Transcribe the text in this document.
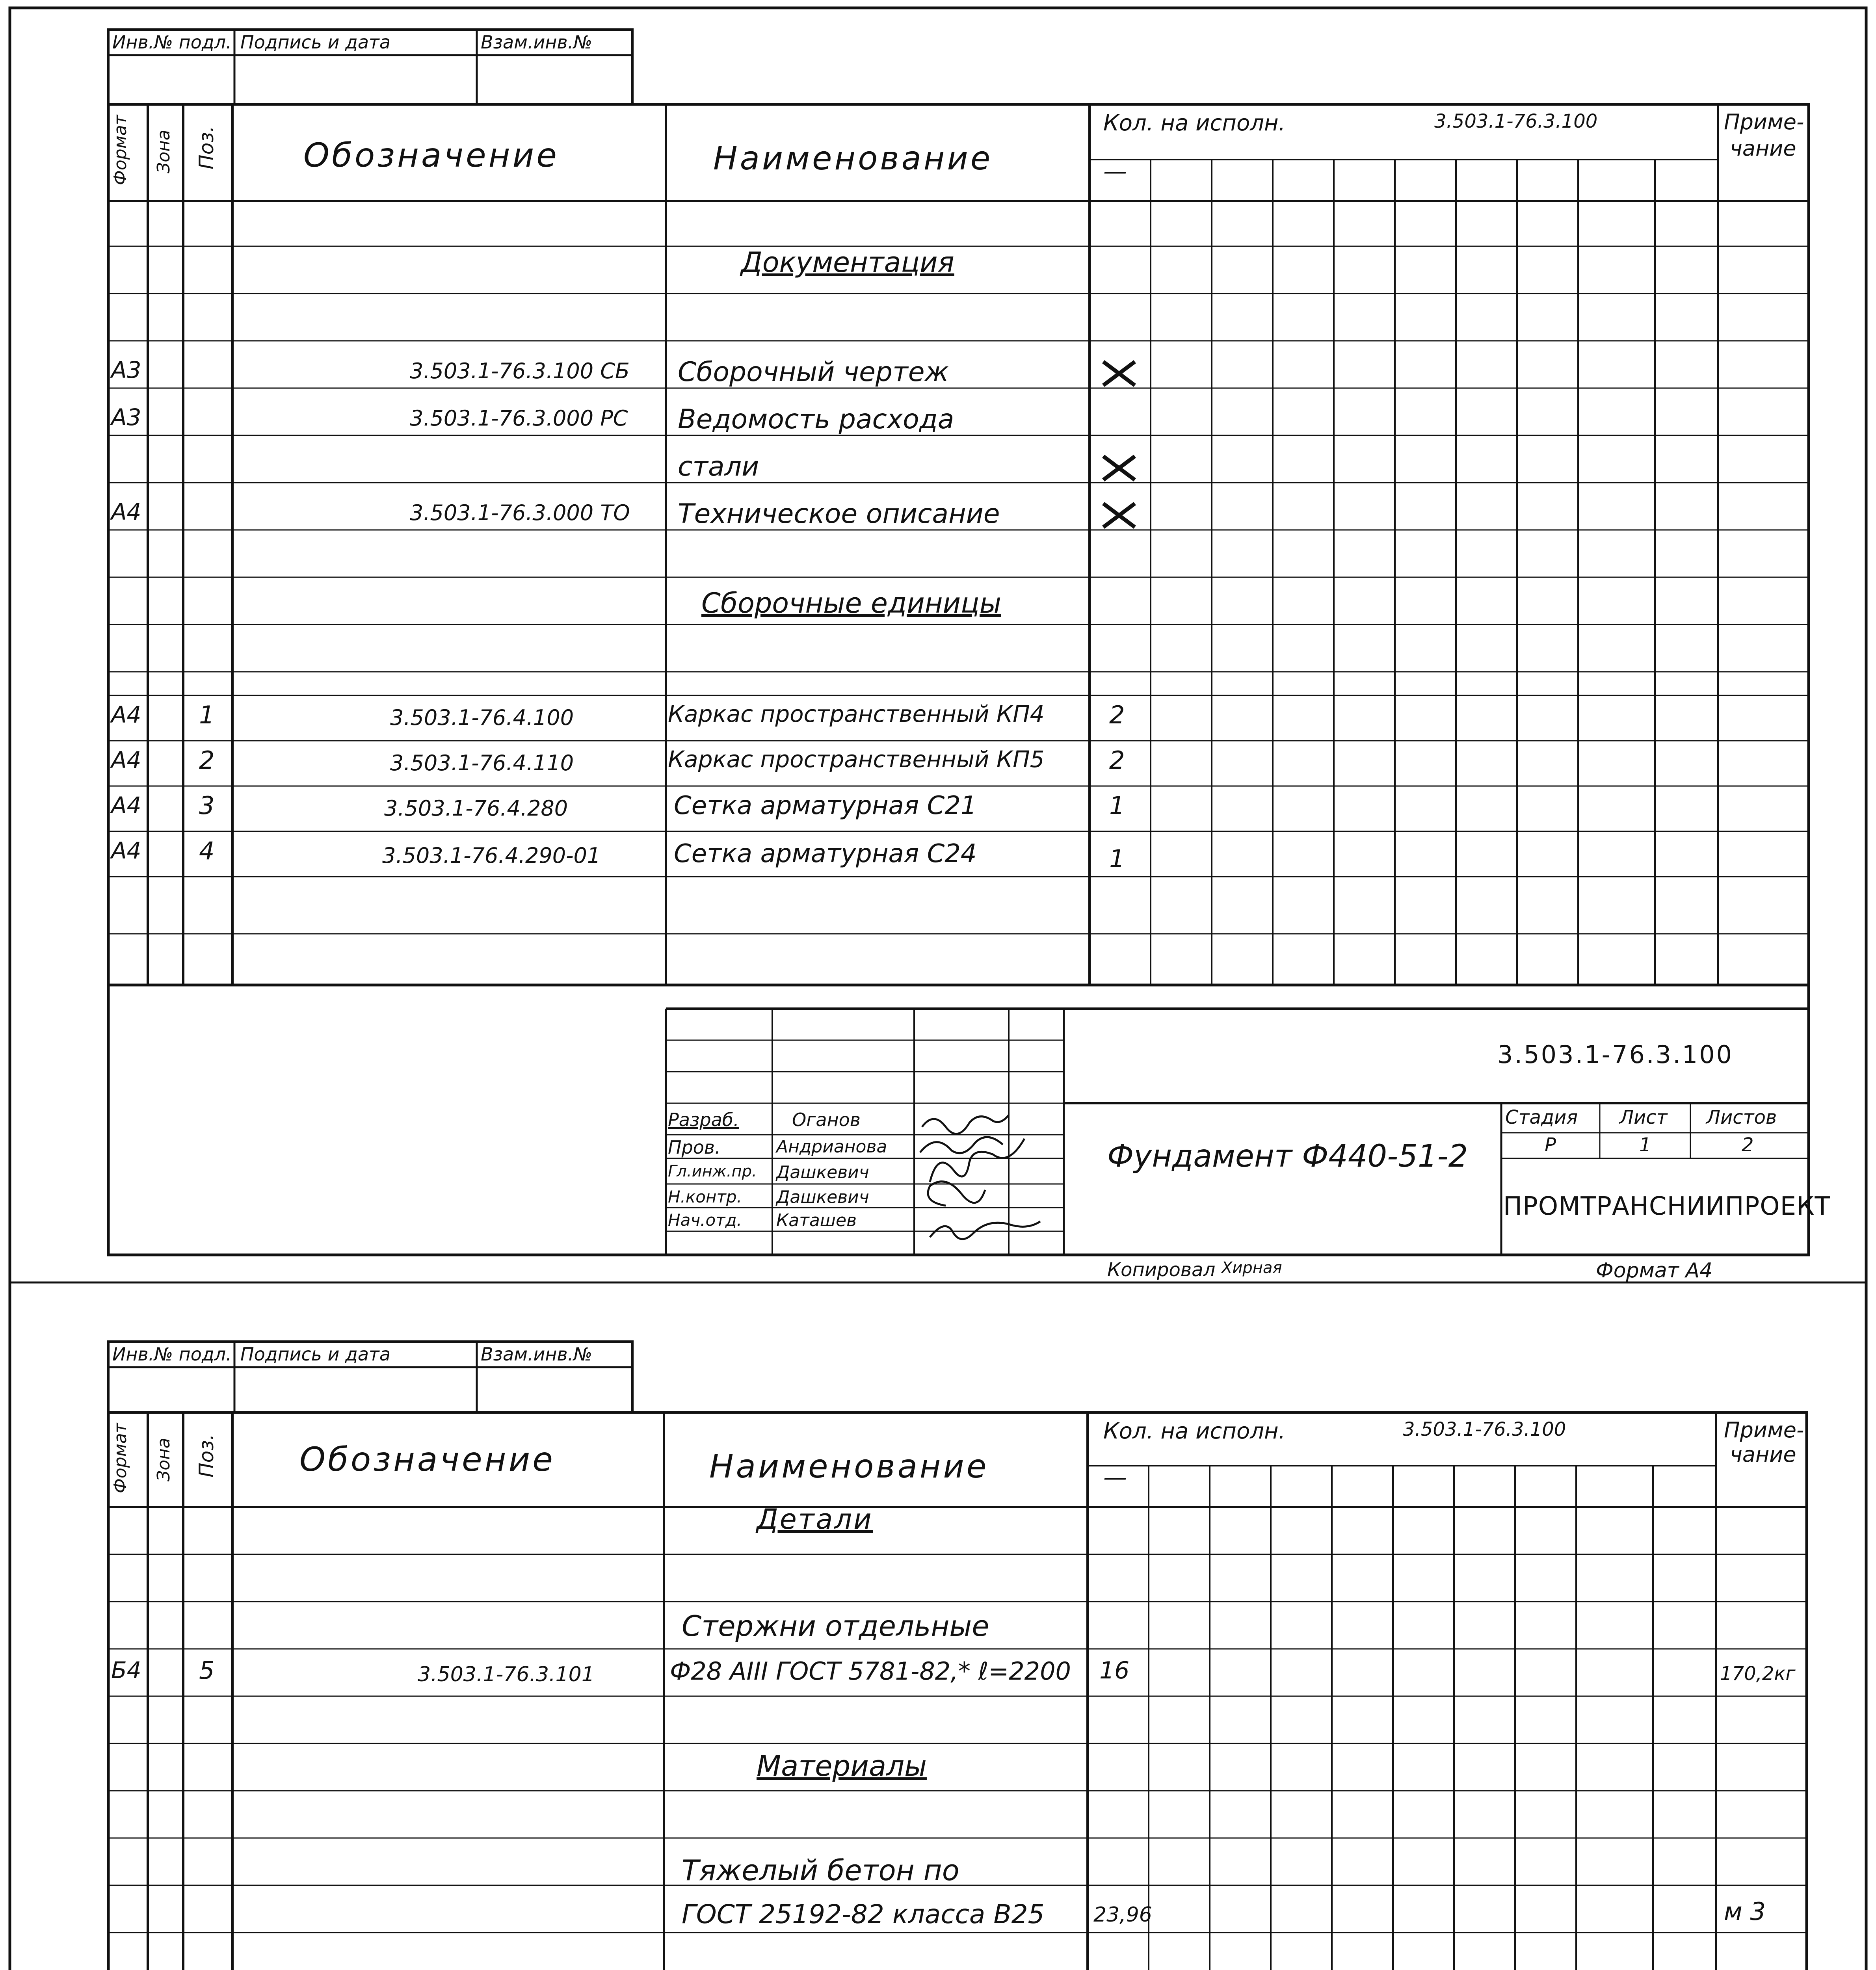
Инв.№ подл. Подпись и дата	Взам.инв.№
Формат Зона Поз.	Обозначение	Наименование
Кол. на исполн.	3.503.1-76.3.100
—
Приме-
чание
Документация
А3	3.503.1-76.3.100 СБ Сборочный чертеж
А3	3.503.1-76.3.000 РС Ведомость расхода
стали
А4	3.503.1-76.3.000 ТО Техническое описание
Сборочные единицы
А4 1	3.503.1-76.4.100	Каркас пространственный КП4	2
А4 2	3.503.1-76.4.110	Каркас пространственный КП5	2
А4 3	3.503.1-76.4.280	Сетка арматурная С21	1
А4 4	3.503.1-76.4.290-01	Сетка арматурная С24	1
3.503.1-76.3.100
Разраб.	Оганов
Пров.	Андрианова
Гл.инж.пр. Дашкевич
Н.контр. Дашкевич
Нач.отд. Каташев
Фундамент Ф440-51-2
Стадия Лист Листов
Р	1	2
ПРОМТРАНСНИИПРОЕКТ
Копировал Хирная	Формат А4
Инв.№ подл. Подпись и дата	Взам.инв.№
Формат Зона Поз. Обозначение	Наименование
Кол. на исполн.	3.503.1-76.3.100
—
Приме-
чание
Детали
Стержни отдельные
Б4 5	3.503.1-76.3.101	Ф28 АIII ГОСТ 5781-82,* ℓ=2200 16	170,2кг
Материалы
Тяжелый бетон по
ГОСТ 25192-82 класса В25 23,96	м 3
